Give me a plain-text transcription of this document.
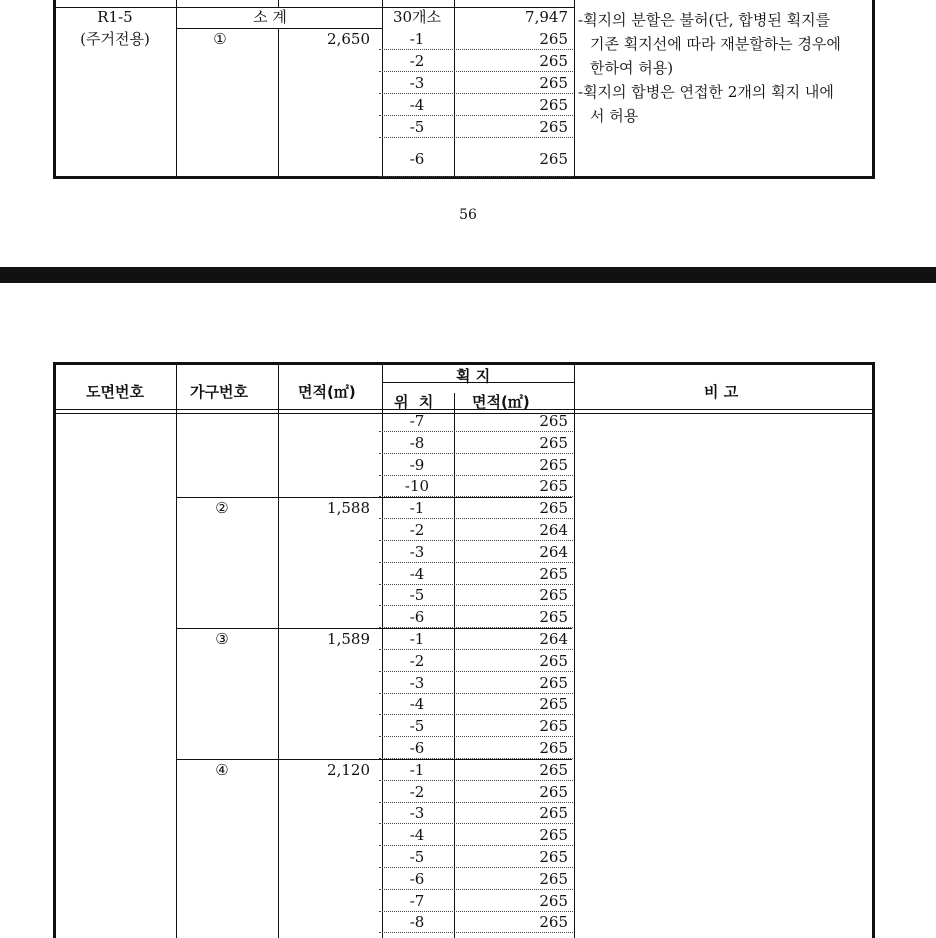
R1-5	소 계	30개소	7,947
(주거전용)	①	2,650	-1	265
-2	265
-3	265
-4	265
-5	265
-6	265
-획지의 분할은 불허(단, 합병된 획지를
기존 획지선에 따라 재분할하는 경우에
한하여 허용)
-획지의 합병은 연접한 2개의 획지 내에
서 허용
56
도면번호	가구번호	면적(㎡)
획 지
위  치	면적(㎡)
비 고
-7	265
-8	265
-9	265
-10	265
②	1,588	-1	265
-2	264
-3	264
-4	265
-5	265
-6	265
③	1,589	-1	264
-2	265
-3	265
-4	265
-5	265
-6	265
④	2,120	-1	265
-2	265
-3	265
-4	265
-5	265
-6	265
-7	265
-8	265
